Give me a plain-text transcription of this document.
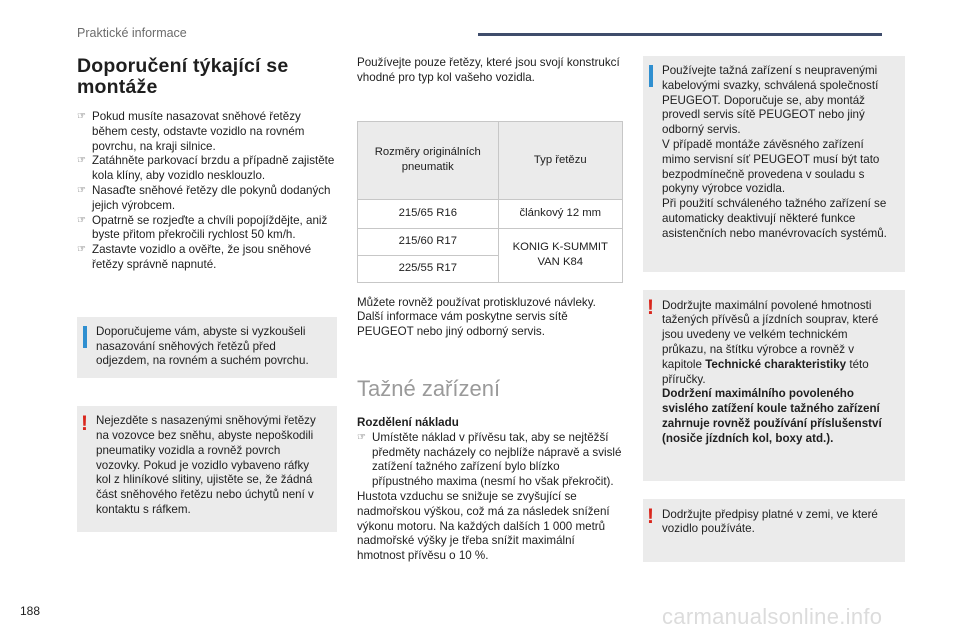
Praktické informace
Doporučení týkající se montáže
☞ Pokud musíte nasazovat sněhové řetězy během cesty, odstavte vozidlo na rovném povrchu, na kraji silnice.
☞ Zatáhněte parkovací brzdu a případně zajistěte kola klíny, aby vozidlo nesklouzlo.
☞ Nasaďte sněhové řetězy dle pokynů dodaných jejich výrobcem.
☞ Opatrně se rozjeďte a chvíli popojíždějte, aniž byste přitom překročili rychlost 50 km/h.
☞ Zastavte vozidlo a ověřte, že jsou sněhové řetězy správně napnuté.
Doporučujeme vám, abyste si vyzkoušeli nasazování sněhových řetězů před odjezdem, na rovném a suchém povrchu.
! Nejezděte s nasazenými sněhovými řetězy na vozovce bez sněhu, abyste nepoškodili pneumatiky vozidla a rovněž povrch vozovky. Pokud je vozidlo vybaveno ráfky kol z hliníkové slitiny, ujistěte se, že žádná část sněhového řetězu nebo úchytů není v kontaktu s ráfkem.

Používejte pouze řetězy, které jsou svojí konstrukcí vhodné pro typ kol vašeho vozidla.

Rozměry originálních pneumatik	Typ řetězu
215/65 R16	článkový 12 mm
215/60 R17	KONIG K-SUMMIT VAN K84
225/55 R17	

Můžete rovněž používat protiskluzové návleky. Další informace vám poskytne servis sítě PEUGEOT nebo jiný odborný servis.

Tažné zařízení
Rozdělení nákladu
☞ Umístěte náklad v přívěsu tak, aby se nejtěžší předměty nacházely co nejblíže nápravě a svislé zatížení tažného zařízení bylo blízko přípustného maxima (nesmí ho však překročit).

Hustota vzduchu se snižuje se zvyšující se nadmořskou výškou, což má za následek snížení výkonu motoru. Na každých dalších 1 000 metrů nadmořské výšky je třeba snížit maximální hmotnost přívěsu o 10 %.

Používejte tažná zařízení s neupravenými kabelovými svazky, schválená společností PEUGEOT. Doporučuje se, aby montáž provedl servis sítě PEUGEOT nebo jiný odborný servis.
V případě montáže závěsného zařízení mimo servisní síť PEUGEOT musí být tato bezpodmínečně provedena v souladu s pokyny výrobce vozidla.
Při použití schváleného tažného zařízení se automaticky deaktivují některé funkce asistenčních nebo manévrovacích systémů.
! Dodržujte maximální povolené hmotnosti tažených přívěsů a jízdních souprav, které jsou uvedeny ve velkém technickém průkazu, na štítku výrobce a rovněž v kapitole Technické charakteristiky této příručky.
Dodržení maximálního povoleného svislého zatížení koule tažného zařízení zahrnuje rovněž používání příslušenství (nosiče jízdních kol, boxy atd.).
! Dodržujte předpisy platné v zemi, ve které vozidlo používáte.
188	carmanualsonline.info
